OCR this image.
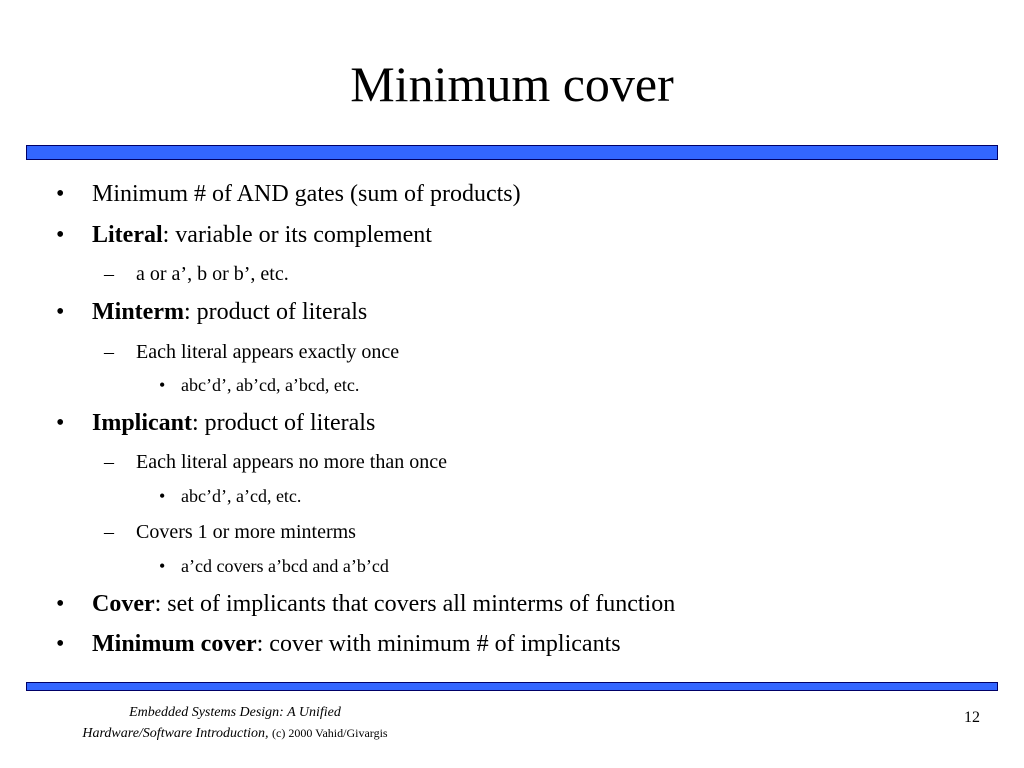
Minimum cover
• Minimum # of AND gates (sum of products)
• Literal: variable or its complement
– a or a’, b or b’, etc.
• Minterm: product of literals
– Each literal appears exactly once
• abc’d’, ab’cd, a’bcd, etc.
• Implicant: product of literals
– Each literal appears no more than once
• abc’d’, a’cd, etc.
– Covers 1 or more minterms
• a’cd covers a’bcd and a’b’cd
• Cover: set of implicants that covers all minterms of function
• Minimum cover: cover with minimum # of implicants
Embedded Systems Design: A Unified
Hardware/Software Introduction, (c) 2000 Vahid/Givargis
12
